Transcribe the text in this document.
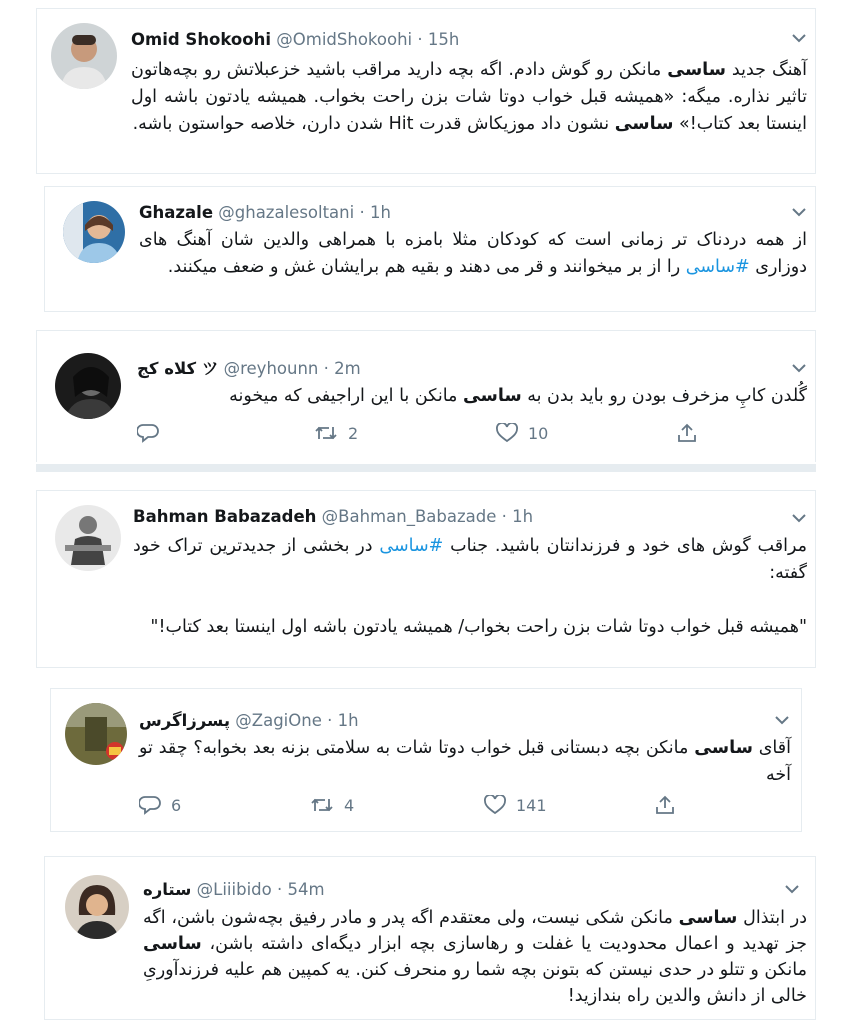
Omid Shokoohi @OmidShokoohi · 15h
آهنگ جدید ساسی مانکن رو گوش دادم. اگه بچه دارید مراقب باشید خزعبلاتش رو بچه‌هاتون تاثیر نذاره. میگه: «همیشه قبل خواب دوتا شات بزن راحت بخواب. همیشه یادتون باشه اول اینستا بعد کتاب!» ساسی نشون داد موزیکاش قدرت Hit شدن دارن، خلاصه حواستون باشه.
Ghazale @ghazalesoltani · 1h
از همه دردناک تر زمانی است که کودکان مثلا بامزه با همراهی والدین شان آهنگ های دوزاری #ساسی را از بر میخوانند و قر می دهند و بقیه هم برایشان غش و ضعف میکنند.
کلاه کج ツ @reyhounn · 2m
گُلدن کاپِ مزخرف بودن رو باید بدن به ساسی مانکن با این اراجیفی که میخونه
2	10
Bahman Babazadeh @Bahman_Babazade · 1h
مراقب گوش های خود و فرزندانتان باشید. جناب #ساسی در بخشی از جدیدترین تراک خود گفته:

"همیشه قبل خواب دوتا شات بزن راحت بخواب/ همیشه یادتون باشه اول اینستا بعد کتاب!"
پسرزاگرس @ZagiOne · 1h
آقای ساسی مانکن بچه دبستانی قبل خواب دوتا شات به سلامتی بزنه بعد بخوابه؟ چقد تو آخه
6	4	141
ستاره @Liiibido · 54m
در ابتذال ساسی مانکن شکی نیست، ولی معتقدم اگه پدر و مادر رفیق بچه‌شون باشن، اگه جز تهدید و اعمال محدودیت یا غفلت و رهاسازی بچه ابزار دیگه‌ای داشته باشن، ساسی مانکن و تتلو در حدی نیستن که بتونن بچه شما رو منحرف کنن. یه کمپین هم علیه فرزندآوریِ خالی از دانش والدین راه بندازید!
